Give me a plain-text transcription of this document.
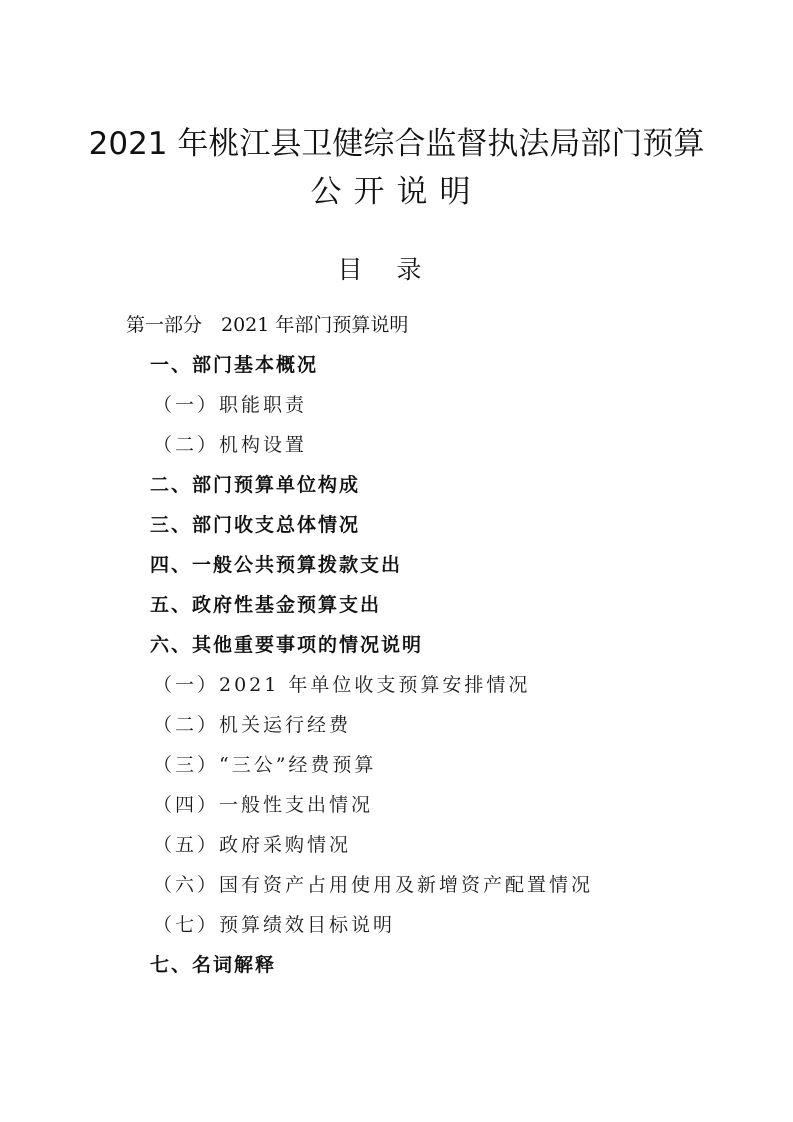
2021 年桃江县卫健综合监督执法局部门预算
公开说明
目录
第一部分　2021 年部门预算说明
一、部门基本概况
（一）职能职责
（二）机构设置
二、部门预算单位构成
三、部门收支总体情况
四、一般公共预算拨款支出
五、政府性基金预算支出
六、其他重要事项的情况说明
（一）2021 年单位收支预算安排情况
（二）机关运行经费
（三）“三公”经费预算
（四）一般性支出情况
（五）政府采购情况
（六）国有资产占用使用及新增资产配置情况
（七）预算绩效目标说明
七、名词解释
